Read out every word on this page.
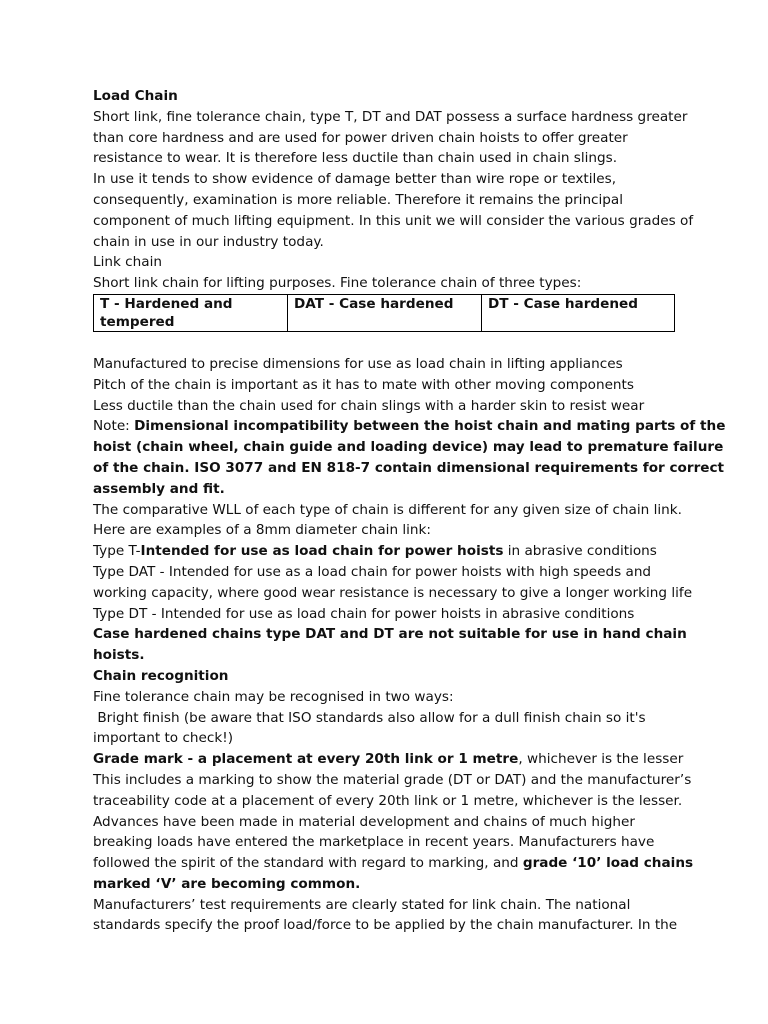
Load Chain
Short link, fine tolerance chain, type T, DT and DAT possess a surface hardness greater
than core hardness and are used for power driven chain hoists to offer greater
resistance to wear. It is therefore less ductile than chain used in chain slings.
In use it tends to show evidence of damage better than wire rope or textiles,
consequently, examination is more reliable. Therefore it remains the principal
component of much lifting equipment. In this unit we will consider the various grades of
chain in use in our industry today.
Link chain
Short link chain for lifting purposes. Fine tolerance chain of three types:
T - Hardened and tempered	DAT - Case hardened	DT - Case hardened
Manufactured to precise dimensions for use as load chain in lifting appliances
Pitch of the chain is important as it has to mate with other moving components
Less ductile than the chain used for chain slings with a harder skin to resist wear
Note: Dimensional incompatibility between the hoist chain and mating parts of the
hoist (chain wheel, chain guide and loading device) may lead to premature failure
of the chain. ISO 3077 and EN 818-7 contain dimensional requirements for correct
assembly and fit.
The comparative WLL of each type of chain is different for any given size of chain link.
Here are examples of a 8mm diameter chain link:
Type T-Intended for use as load chain for power hoists in abrasive conditions
Type DAT - Intended for use as a load chain for power hoists with high speeds and
working capacity, where good wear resistance is necessary to give a longer working life
Type DT - Intended for use as load chain for power hoists in abrasive conditions
Case hardened chains type DAT and DT are not suitable for use in hand chain
hoists.
Chain recognition
Fine tolerance chain may be recognised in two ways:
Bright finish (be aware that ISO standards also allow for a dull finish chain so it's
important to check!)
Grade mark - a placement at every 20th link or 1 metre, whichever is the lesser
This includes a marking to show the material grade (DT or DAT) and the manufacturer’s
traceability code at a placement of every 20th link or 1 metre, whichever is the lesser.
Advances have been made in material development and chains of much higher
breaking loads have entered the marketplace in recent years. Manufacturers have
followed the spirit of the standard with regard to marking, and grade ‘10’ load chains
marked ‘V’ are becoming common.
Manufacturers’ test requirements are clearly stated for link chain. The national
standards specify the proof load/force to be applied by the chain manufacturer. In the
